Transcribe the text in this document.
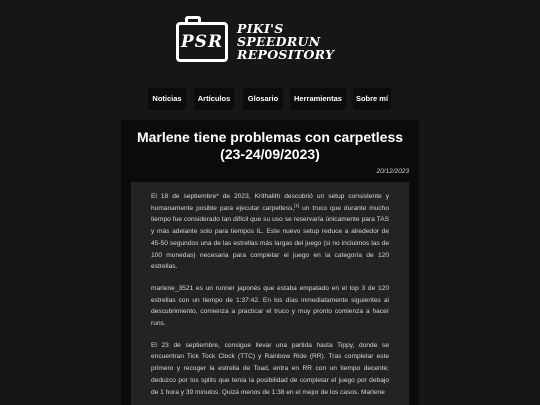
PSR
PIKI'S
SPEEDRUN
REPOSITORY
Noticias	Artículos	Glosario	Herramientas	Sobre mí
Marlene tiene problemas con carpetless
(23-24/09/2023)
20/12/2023

El 18 de septiembre* de 2023, Krithalith descubrió un setup consistente y humanamente posible para ejecutar carpetless,[1] un truco que durante mucho tiempo fue considerado tan difícil que su uso se reservaría únicamente para TAS y más adelante solo para tiempos IL. Este nuevo setup reduce a alrededor de 45-50 segundos una de las estrellas más largas del juego (si no incluimos las de 100 monedas) necesaria para completar el juego en la categoría de 120 estrellas.

marlene_3521 es un runner japonés que estaba empatado en el top 3 de 120 estrellas con un tiempo de 1:37:42. En los días inmediatamente siguientes al descubrimiento, comienza a practicar el truco y muy pronto comienza a hacer runs.

El 23 de septiembre, consigue llevar una partida hasta Tippy, donde se encuentran Tick Tock Clock (TTC) y Rainbow Ride (RR). Tras completar este primero y recoger la estrella de Toad, entra en RR con un tiempo decente; deduzco por los splits que tenía la posibilidad de completar el juego por debajo de 1 hora y 39 minutos. Quizá menos de 1:38 en el mejor de los casos. Marlene
